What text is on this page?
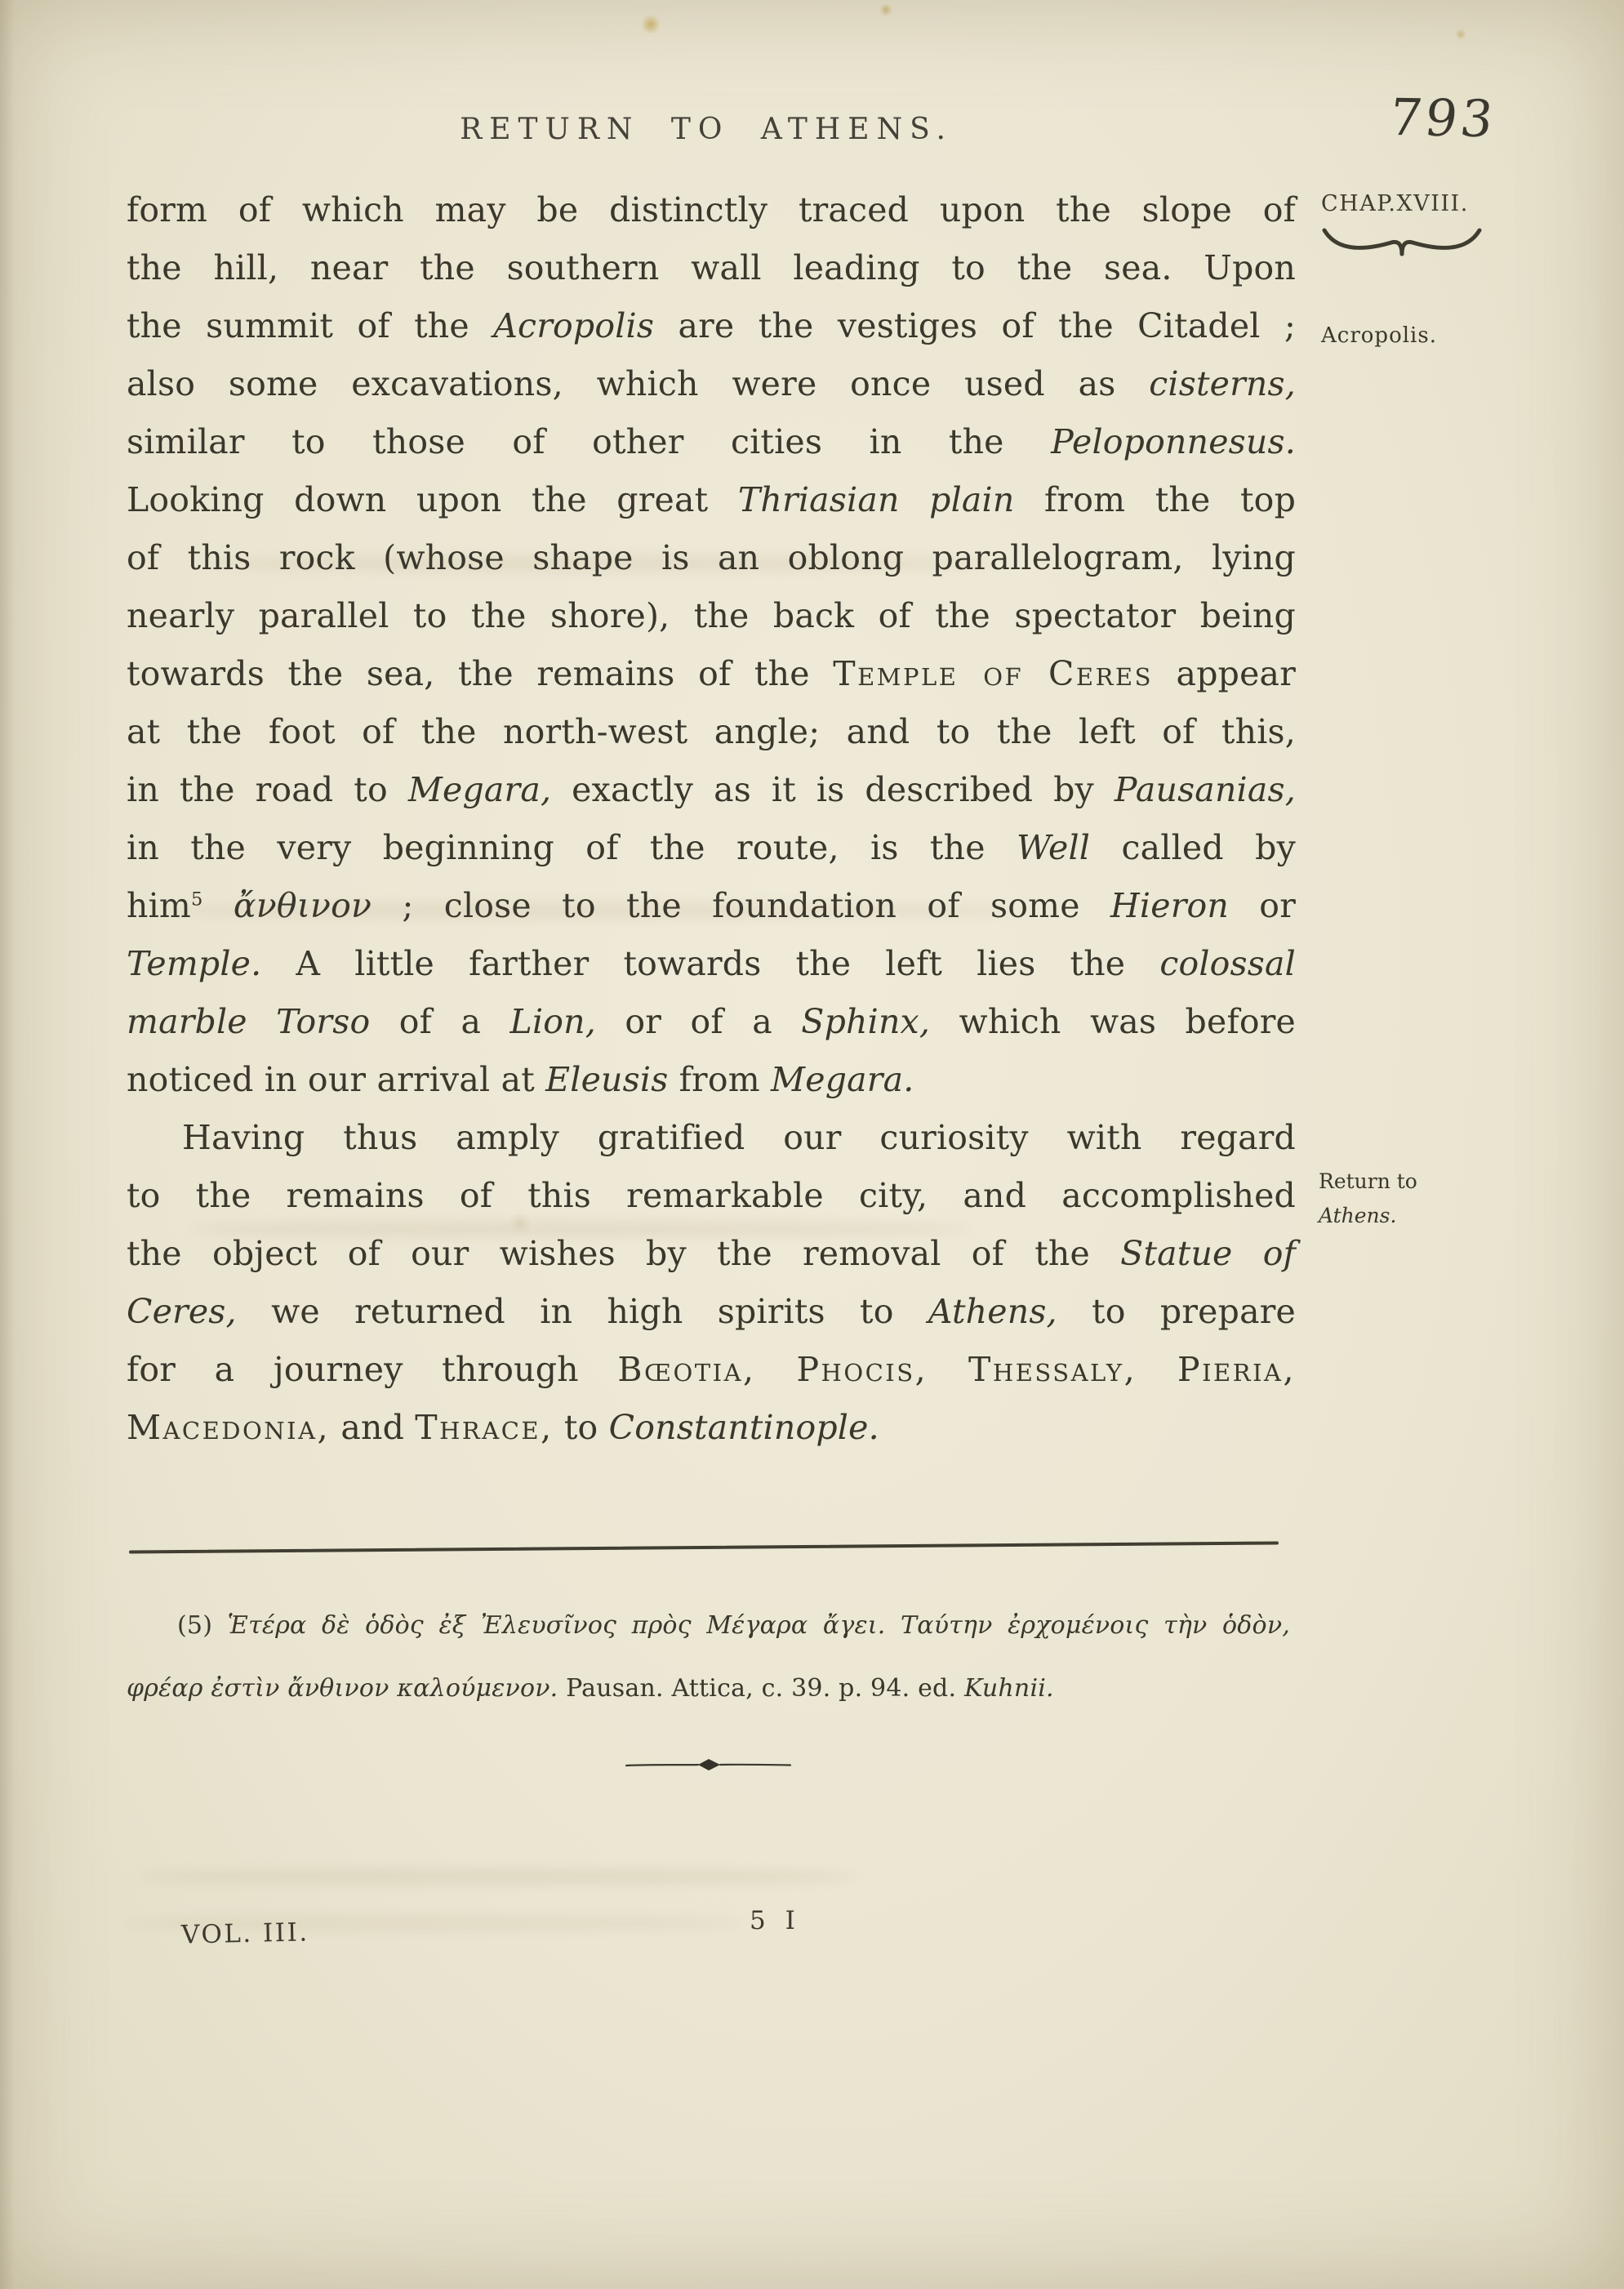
RETURN TO ATHENS.	793
CHAP.XVIII.
Acropolis.
Return to
Athens.
form of which may be distinctly traced upon the slope of
the hill, near the southern wall leading to the sea. Upon
the summit of the Acropolis are the vestiges of the Citadel ;
also some excavations, which were once used as cisterns,
similar to those of other cities in the Peloponnesus.
Looking down upon the great Thriasian plain from the top
of this rock (whose shape is an oblong parallelogram, lying
nearly parallel to the shore), the back of the spectator being
towards the sea, the remains of the Temple of Ceres appear
at the foot of the north-west angle; and to the left of this,
in the road to Megara, exactly as it is described by Pausanias,
in the very beginning of the route, is the Well called by
him$^5$ ἄνθινον ; close to the foundation of some Hieron or
Temple. A little farther towards the left lies the colossal
marble Torso of a Lion, or of a Sphinx, which was before
noticed in our arrival at Eleusis from Megara.
Having thus amply gratified our curiosity with regard
to the remains of this remarkable city, and accomplished
the object of our wishes by the removal of the Statue of
Ceres, we returned in high spirits to Athens, to prepare
for a journey through Bœotia, Phocis, Thessaly, Pieria,
Macedonia, and Thrace, to Constantinople.
(5) Ἑτέρα δὲ ὁδὸς ἐξ Ἐλευσῖνος πρὸς Μέγαρα ἄγει. Ταύτην ἐρχομένοις τὴν ὁδὸν,
φρέαρ ἐστὶν ἄνθινον καλούμενον. Pausan. Attica, c. 39. p. 94. ed. Kuhnii.
VOL. III.	5 I
